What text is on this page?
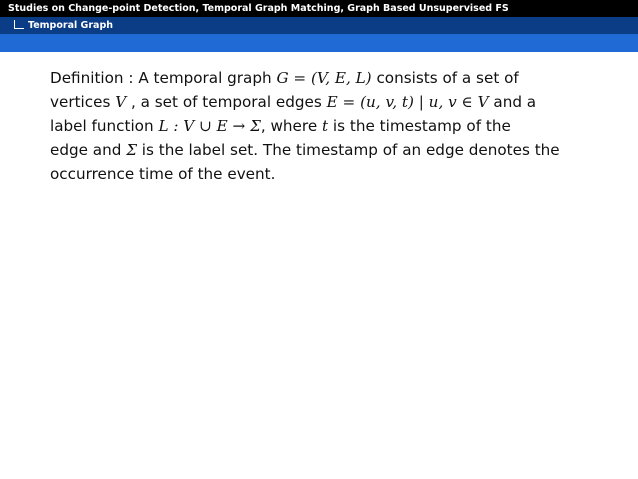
Studies on Change-point Detection, Temporal Graph Matching, Graph Based Unsupervised FS
Temporal Graph
Definition : A temporal graph G = (V, E, L) consists of a set of
vertices V , a set of temporal edges E = (u, v, t) | u, v ∈ V and a
label function L : V ∪ E → Σ, where t is the timestamp of the
edge and Σ is the label set. The timestamp of an edge denotes the
occurrence time of the event.
